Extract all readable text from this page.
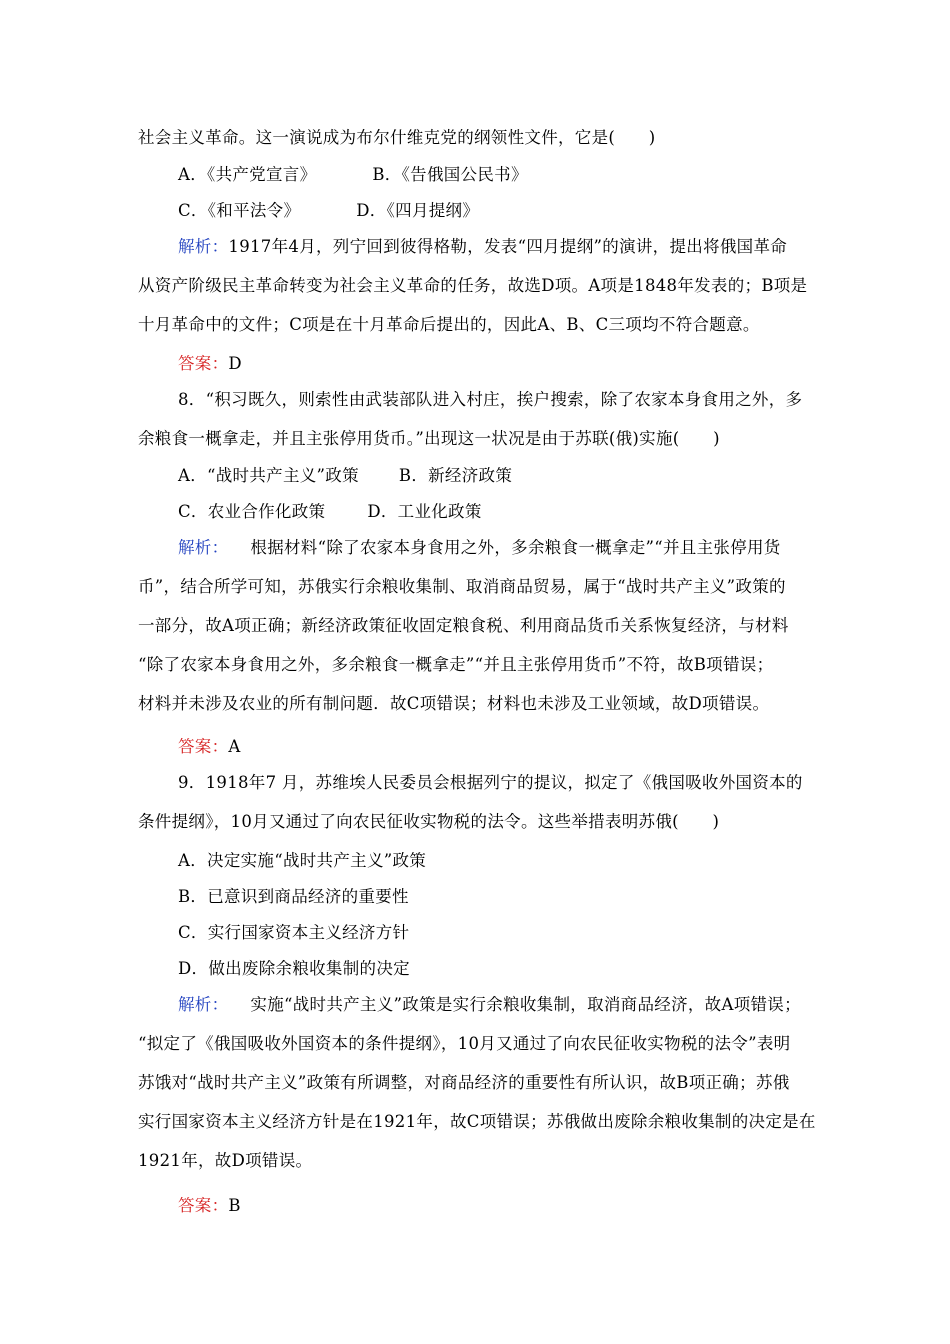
社会主义革命。这一演说成为布尔什维克党的纲领性文件，它是(　　)
A．《共产党宣言》	B．《告俄国公民书》
C．《和平法令》	D．《四月提纲》
解析：1917年4月，列宁回到彼得格勒，发表“四月提纲”的演讲，提出将俄国革命
从资产阶级民主革命转变为社会主义革命的任务，故选D项。A项是1848年发表的；B项是
十月革命中的文件；C项是在十月革命后提出的，因此A、B、C三项均不符合题意。
答案：D
8．“积习既久，则索性由武装部队进入村庄，挨户搜索，除了农家本身食用之外，多
余粮食一概拿走，并且主张停用货币。”出现这一状况是由于苏联(俄)实施(　　)
A．“战时共产主义”政策 B．新经济政策
C．农业合作化政策	D．工业化政策
解析： 根据材料“除了农家本身食用之外，多余粮食一概拿走”“并且主张停用货
币”，结合所学可知，苏俄实行余粮收集制、取消商品贸易，属于“战时共产主义”政策的
一部分，故A项正确；新经济政策征收固定粮食税、利用商品货币关系恢复经济，与材料
“除了农家本身食用之外，多余粮食一概拿走”“并且主张停用货币”不符，故B项错误；
材料并未涉及农业的所有制问题．故C项错误；材料也未涉及工业领域，故D项错误。
答案：A
9．1918年7 月，苏维埃人民委员会根据列宁的提议，拟定了《俄国吸收外国资本的
条件提纲》，10月又通过了向农民征收实物税的法令。这些举措表明苏俄(　　)
A．决定实施“战时共产主义”政策
B．已意识到商品经济的重要性
C．实行国家资本主义经济方针
D．做出废除余粮收集制的决定
解析： 实施“战时共产主义”政策是实行余粮收集制，取消商品经济，故A项错误；
“拟定了《俄国吸收外国资本的条件提纲》，10月又通过了向农民征收实物税的法令”表明
苏饿对“战时共产主义”政策有所调整，对商品经济的重要性有所认识，故B项正确；苏俄
实行国家资本主义经济方针是在1921年，故C项错误；苏俄做出废除余粮收集制的决定是在
1921年，故D项错误。
答案：B
